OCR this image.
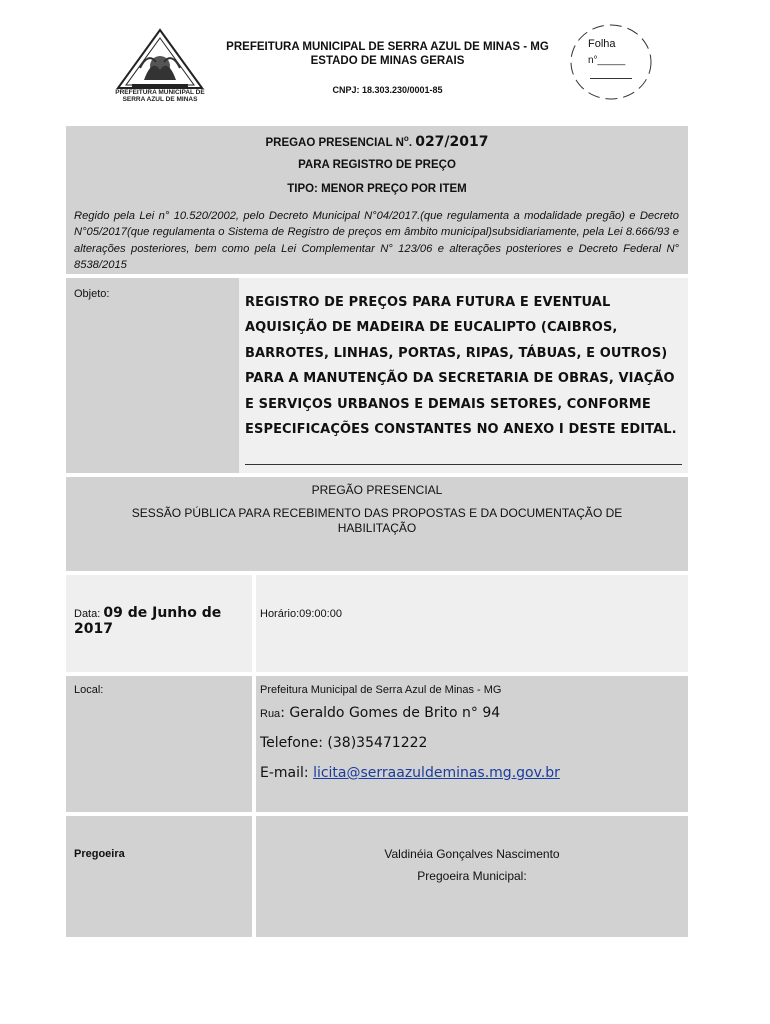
PREFEITURA MUNICIPAL DE SERRA AZUL DE MINAS
PREFEITURA MUNICIPAL DE SERRA AZUL DE MINAS - MG
ESTADO DE MINAS GERAIS
CNPJ: 18.303.230/0001-85
Folha
n°_____
PREGAO PRESENCIAL $N^o$. 027/2017
PARA REGISTRO DE PREÇO
TIPO: MENOR PREÇO POR ITEM
Regido pela Lei n° 10.520/2002, pelo Decreto Municipal N°04/2017.(que regulamenta a modalidade pregão) e Decreto N°05/2017(que regulamenta o Sistema de Registro de preços em âmbito municipal)subsidiariamente, pela Lei 8.666/93 e alterações posteriores, bem como pela Lei Complementar N° 123/06 e alterações posteriores e Decreto Federal N° 8538/2015
Objeto:
REGISTRO DE PREÇOS PARA FUTURA E EVENTUAL AQUISIÇÃO DE MADEIRA DE EUCALIPTO (CAIBROS, BARROTES, LINHAS, PORTAS, RIPAS, TÁBUAS, E OUTROS) PARA A MANUTENÇÃO DA SECRETARIA DE OBRAS, VIAÇÃO E SERVIÇOS URBANOS E DEMAIS SETORES, CONFORME ESPECIFICAÇÕES CONSTANTES NO ANEXO I DESTE EDITAL.
PREGÃO PRESENCIAL
SESSÃO PÚBLICA PARA RECEBIMENTO DAS PROPOSTAS E DA DOCUMENTAÇÃO DE HABILITAÇÃO
Data: 09 de Junho de 2017
Horário:09:00:00
Local:	Prefeitura Municipal de Serra Azul de Minas - MG
Rua: Geraldo Gomes de Brito n° 94
Telefone: (38)35471222
E-mail: licita@serraazuldeminas.mg.gov.br
Pregoeira	Valdinéia Gonçalves Nascimento
Pregoeira Municipal:
